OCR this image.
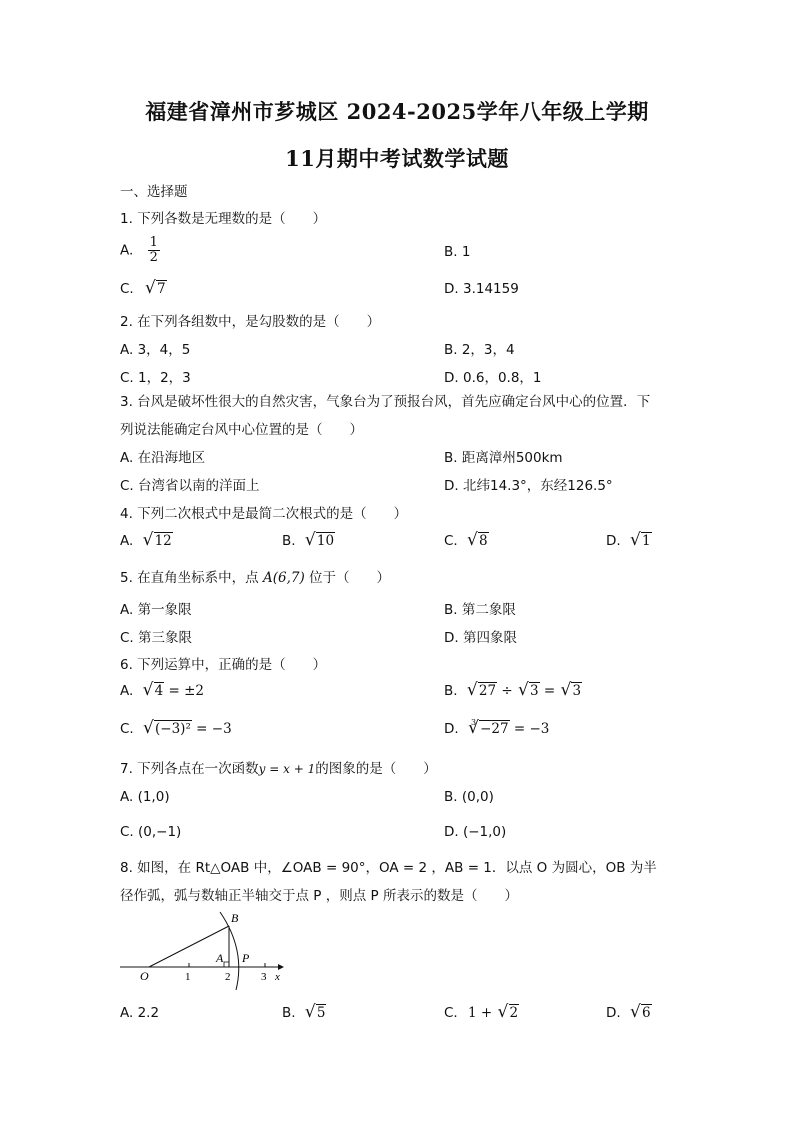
福建省漳州市芗城区 2024-2025学年八年级上学期
11月期中考试数学试题
一、选择题
1. 下列各数是无理数的是（　　）
A. $\frac{1}{2}$	B. 1
C. √ 7	D. 3.14159
2. 在下列各组数中，是勾股数的是（　　）
A. 3，4，5	B. 2，3，4
C. 1，2，3	D. 0.6，0.8，1
3. 台风是破坏性很大的自然灾害，气象台为了预报台风，首先应确定台风中心的位置．下
列说法能确定台风中心位置的是（　　）
A. 在沿海地区	B. 距离漳州500km
C. 台湾省以南的洋面上	D. 北纬14.3°，东经126.5°
4. 下列二次根式中是最简二次根式的是（　　）
A. √ 12	B. √ 10	C. √ 8	D. √ 1
5. 在直角坐标系中，点 A(6,7) 位于（　　）
A. 第一象限	B. 第二象限
C. 第三象限	D. 第四象限
6. 下列运算中，正确的是（　　）
A. √ 4 = ±2	B. √ 27 ÷ √ 3 = √ 3
C. √ (−3)² = −3	D. $^3$ √ −27 = −3
7. 下列各点在一次函数y = x + 1的图象的是（　　）
A. (1,0)	B. (0,0)
C. (0,−1)	D. (−1,0)
8. 如图，在 Rt△OAB 中，∠OAB = 90°，OA = 2 ，AB = 1．以点 O 为圆心，OB 为半
径作弧，弧与数轴正半轴交于点 P ，则点 P 所表示的数是（　　）
B
A P
O	1	2	3 x
A. 2.2	B. √ 5	C. 1 + √ 2	D. √ 6
